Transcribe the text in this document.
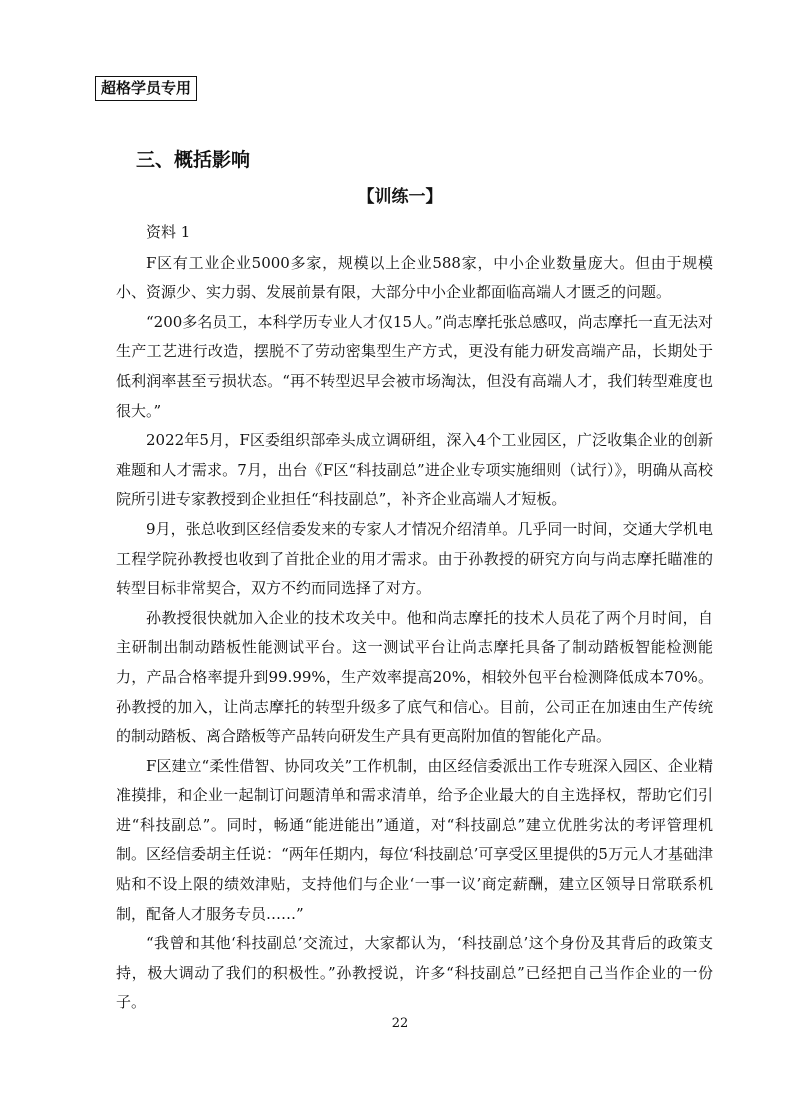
超格学员专用
三、概括影响
【训练一】

资料 1

F区有工业企业5000多家，规模以上企业588家，中小企业数量庞大。但由于规模小、资源少、实力弱、发展前景有限，大部分中小企业都面临高端人才匮乏的问题。

“200多名员工，本科学历专业人才仅15人。”尚志摩托张总感叹，尚志摩托一直无法对生产工艺进行改造，摆脱不了劳动密集型生产方式，更没有能力研发高端产品，长期处于低利润率甚至亏损状态。“再不转型迟早会被市场淘汰，但没有高端人才，我们转型难度也很大。”

2022年5月，F区委组织部牵头成立调研组，深入4个工业园区，广泛收集企业的创新难题和人才需求。7月，出台《F区“科技副总”进企业专项实施细则（试行）》，明确从高校院所引进专家教授到企业担任“科技副总”，补齐企业高端人才短板。

9月，张总收到区经信委发来的专家人才情况介绍清单。几乎同一时间，交通大学机电工程学院孙教授也收到了首批企业的用才需求。由于孙教授的研究方向与尚志摩托瞄准的转型目标非常契合，双方不约而同选择了对方。

孙教授很快就加入企业的技术攻关中。他和尚志摩托的技术人员花了两个月时间，自主研制出制动踏板性能测试平台。这一测试平台让尚志摩托具备了制动踏板智能检测能力，产品合格率提升到99.99%，生产效率提高20%，相较外包平台检测降低成本70%。孙教授的加入，让尚志摩托的转型升级多了底气和信心。目前，公司正在加速由生产传统的制动踏板、离合踏板等产品转向研发生产具有更高附加值的智能化产品。

F区建立“柔性借智、协同攻关”工作机制，由区经信委派出工作专班深入园区、企业精准摸排，和企业一起制订问题清单和需求清单，给予企业最大的自主选择权，帮助它们引进“科技副总”。同时，畅通“能进能出”通道，对“科技副总”建立优胜劣汰的考评管理机制。区经信委胡主任说：“两年任期内，每位‘科技副总’可享受区里提供的5万元人才基础津贴和不设上限的绩效津贴，支持他们与企业‘一事一议’商定薪酬，建立区领导日常联系机制，配备人才服务专员……”

“我曾和其他‘科技副总’交流过，大家都认为，‘科技副总’这个身份及其背后的政策支持，极大调动了我们的积极性。”孙教授说，许多“科技副总”已经把自己当作企业的一份子。

22
